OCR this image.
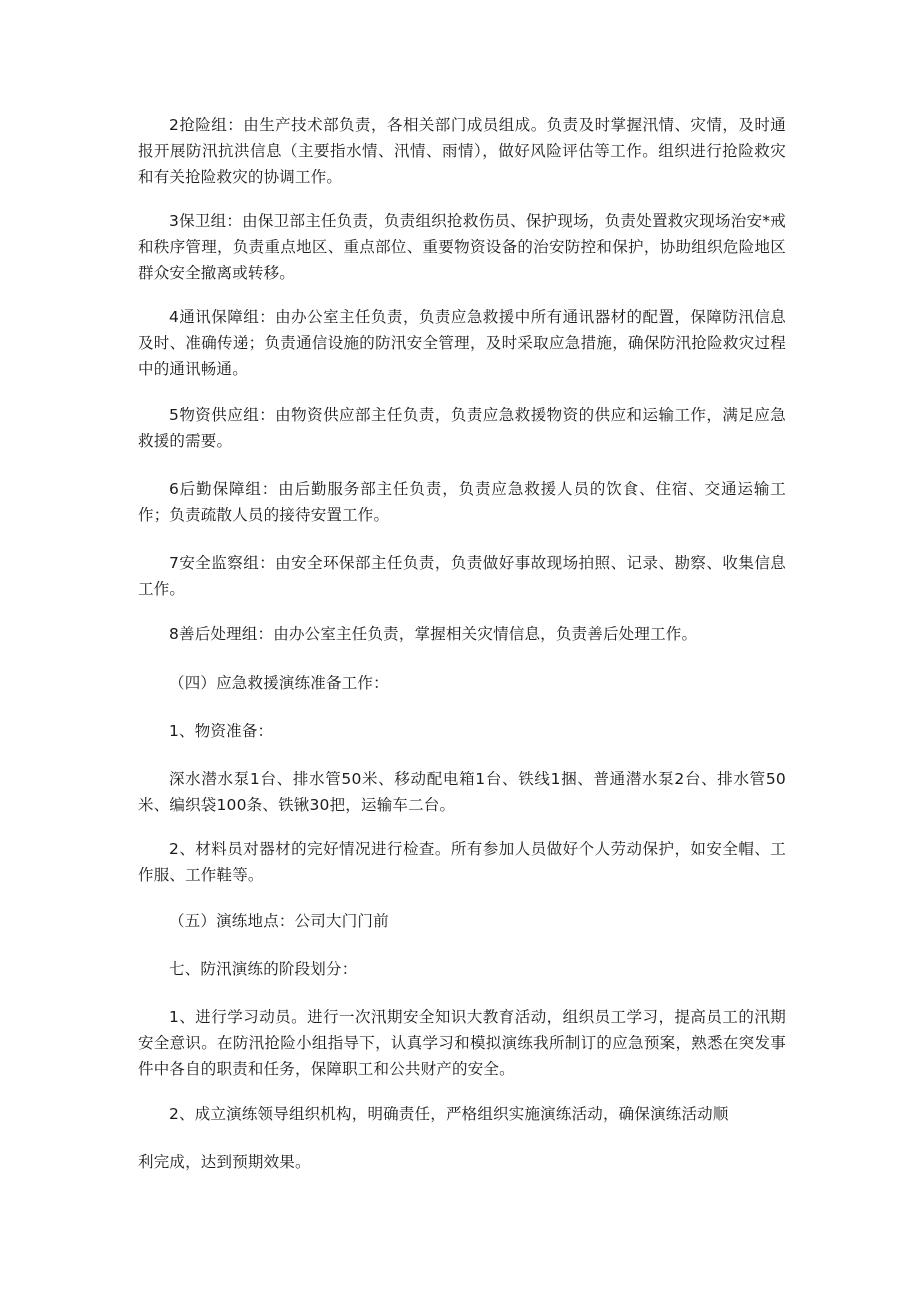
2抢险组：由生产技术部负责，各相关部门成员组成。负责及时掌握汛情、灾情，及时通报开展防汛抗洪信息（主要指水情、汛情、雨情），做好风险评估等工作。组织进行抢险救灾和有关抢险救灾的协调工作。

3保卫组：由保卫部主任负责，负责组织抢救伤员、保护现场，负责处置救灾现场治安*戒和秩序管理，负责重点地区、重点部位、重要物资设备的治安防控和保护，协助组织危险地区群众安全撤离或转移。

4通讯保障组：由办公室主任负责，负责应急救援中所有通讯器材的配置，保障防汛信息及时、准确传递；负责通信设施的防汛安全管理，及时采取应急措施，确保防汛抢险救灾过程中的通讯畅通。

5物资供应组：由物资供应部主任负责，负责应急救援物资的供应和运输工作，满足应急救援的需要。

6后勤保障组：由后勤服务部主任负责，负责应急救援人员的饮食、住宿、交通运输工作；负责疏散人员的接待安置工作。

7安全监察组：由安全环保部主任负责，负责做好事故现场拍照、记录、勘察、收集信息工作。

8善后处理组：由办公室主任负责，掌握相关灾情信息，负责善后处理工作。

（四）应急救援演练准备工作：

1、物资准备：

深水潜水泵1台、排水管50米、移动配电箱1台、铁线1捆、普通潜水泵2台、排水管50米、编织袋100条、铁锹30把，运输车二台。

2、材料员对器材的完好情况进行检查。所有参加人员做好个人劳动保护，如安全帽、工作服、工作鞋等。

（五）演练地点：公司大门门前

七、防汛演练的阶段划分：

1、进行学习动员。进行一次汛期安全知识大教育活动，组织员工学习，提高员工的汛期安全意识。在防汛抢险小组指导下，认真学习和模拟演练我所制订的应急预案，熟悉在突发事件中各自的职责和任务，保障职工和公共财产的安全。

2、成立演练领导组织机构，明确责任，严格组织实施演练活动，确保演练活动顺

利完成，达到预期效果。
